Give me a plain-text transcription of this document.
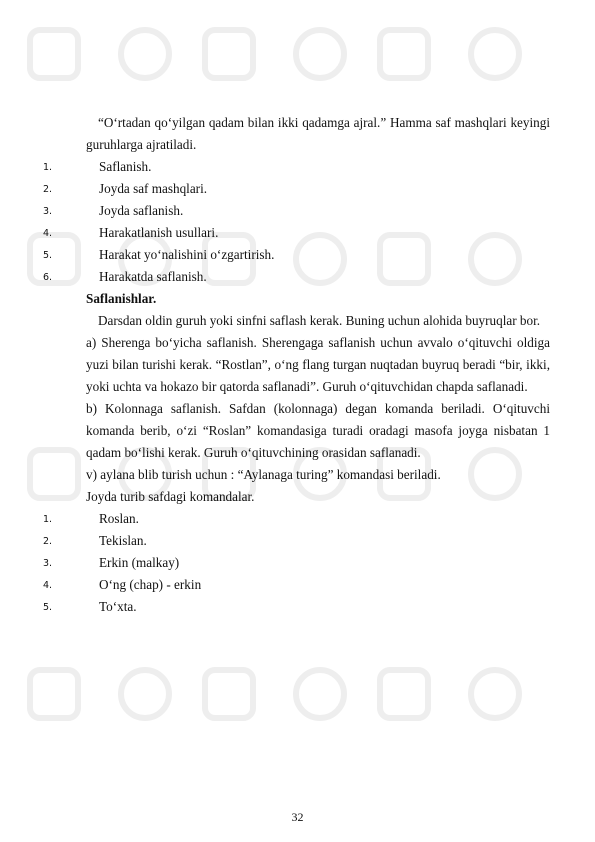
“O‘rtadan qo‘yilgan qadam bilan ikki qadamga ajral.” Hamma saf mashqlari keyingi guruhlarga ajratiladi.

1.	Saflanish.
2.	Joyda saf mashqlari.
3.	Joyda saflanish.
4.	Harakatlanish usullari.
5.	Harakat yo‘nalishini o‘zgartirish.
6.	Harakatda saflanish.

Saflanishlar.

Darsdan oldin guruh yoki sinfni saflash kerak. Buning uchun alohida buyruqlar bor.

a) Sherenga bo‘yicha saflanish. Sherengaga saflanish uchun avvalo o‘qituvchi oldiga yuzi bilan turishi kerak. “Rostlan”, o‘ng flang turgan nuqtadan buyruq beradi “bir, ikki, yoki uchta va hokazo bir qatorda saflanadi”. Guruh o‘qituvchidan chapda saflanadi.

b) Kolonnaga saflanish. Safdan (kolonnaga) degan komanda beriladi. O‘qituvchi komanda berib, o‘zi “Roslan” komandasiga turadi oradagi masofa joyga nisbatan 1 qadam bo‘lishi kerak. Guruh o‘qituvchining orasidan saflanadi.

v) aylana blib turish uchun : “Aylanaga turing” komandasi beriladi.

Joyda turib safdagi komandalar.

1.	Roslan.
2.	Tekislan.
3.	Erkin (malkay)
4.	O‘ng (chap) - erkin
5.	To‘xta.
32
